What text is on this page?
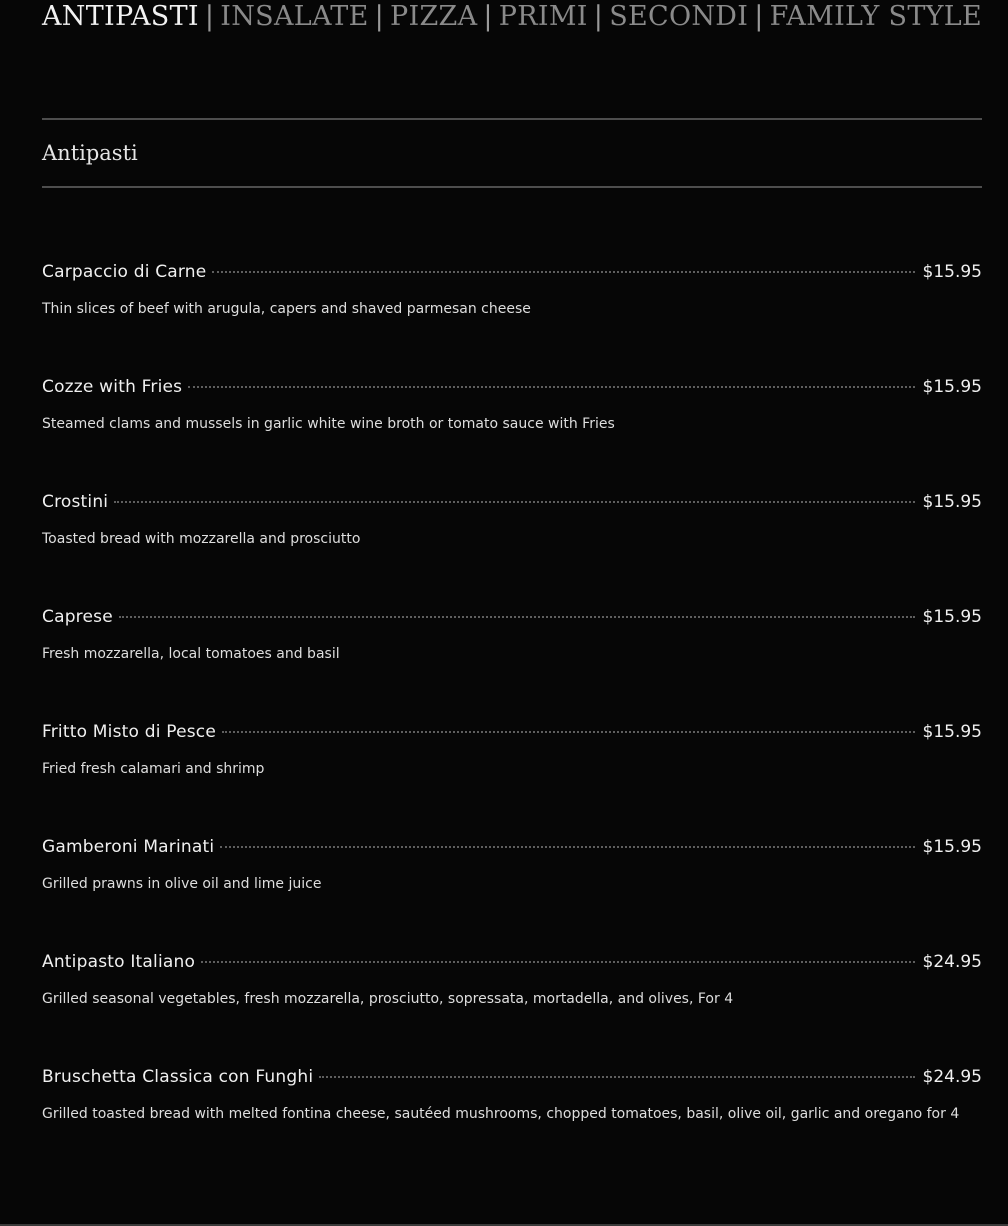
ANTIPASTI | INSALATE | PIZZA | PRIMI | SECONDI | FAMILY STYLE
Antipasti
Carpaccio di Carne	$15.95
Thin slices of beef with arugula, capers and shaved parmesan cheese
Cozze with Fries	$15.95
Steamed clams and mussels in garlic white wine broth or tomato sauce with Fries
Crostini	$15.95
Toasted bread with mozzarella and prosciutto
Caprese	$15.95
Fresh mozzarella, local tomatoes and basil
Fritto Misto di Pesce	$15.95
Fried fresh calamari and shrimp
Gamberoni Marinati	$15.95
Grilled prawns in olive oil and lime juice
Antipasto Italiano	$24.95
Grilled seasonal vegetables, fresh mozzarella, prosciutto, sopressata, mortadella, and olives, For 4
Bruschetta Classica con Funghi	$24.95
Grilled toasted bread with melted fontina cheese, sautéed mushrooms, chopped tomatoes, basil, olive oil, garlic and oregano for 4
